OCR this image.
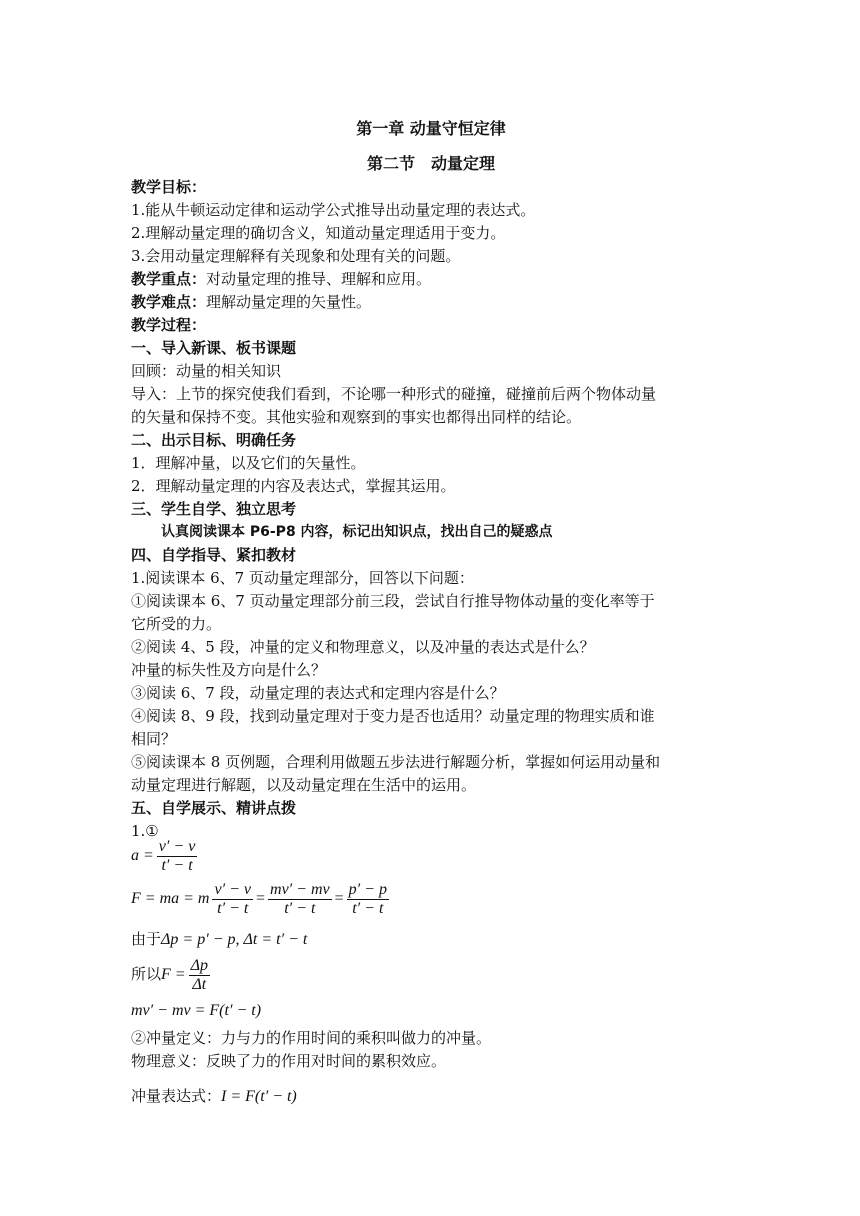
第一章 动量守恒定律
第二节　动量定理
教学目标：
1.能从牛顿运动定律和运动学公式推导出动量定理的表达式。
2.理解动量定理的确切含义，知道动量定理适用于变力。
3.会用动量定理解释有关现象和处理有关的问题。
教学重点：对动量定理的推导、理解和应用。
教学难点：理解动量定理的矢量性。
教学过程：
一、导入新课、板书课题
回顾：动量的相关知识
导入：上节的探究使我们看到，不论哪一种形式的碰撞，碰撞前后两个物体动量
的矢量和保持不变。其他实验和观察到的事实也都得出同样的结论。
二、出示目标、明确任务
1．理解冲量，以及它们的矢量性。
2．理解动量定理的内容及表达式，掌握其运用。
三、学生自学、独立思考
认真阅读课本 P6-P8 内容，标记出知识点，找出自己的疑惑点
四、自学指导、紧扣教材
1.阅读课本 6、7 页动量定理部分，回答以下问题：
①阅读课本 6、7 页动量定理部分前三段，尝试自行推导物体动量的变化率等于
它所受的力。
②阅读 4、5 段，冲量的定义和物理意义，以及冲量的表达式是什么？
冲量的标失性及方向是什么？
③阅读 6、7 段，动量定理的表达式和定理内容是什么？
④阅读 8、9 段，找到动量定理对于变力是否也适用？动量定理的物理实质和谁
相同？
⑤阅读课本 8 页例题，合理利用做题五步法进行解题分析，掌握如何运用动量和
动量定理进行解题，以及动量定理在生活中的运用。
五、自学展示、精讲点拨
1.①
$a = \frac{v' - v}{t' - t}$
F = ma = m $\frac{v' - v}{t' - t} = \frac{mv' - mv}{t' - t} = \frac{p' - p}{t' - t}$
由于Δp = p′ − p, Δt = t′ − t
所以$F = \frac{\Delta p}{\Delta t}$
mv′ − mv = F(t′ − t)
②冲量定义：力与力的作用时间的乘积叫做力的冲量。
物理意义：反映了力的作用对时间的累积效应。
冲量表达式：I = F(t′ − t)
